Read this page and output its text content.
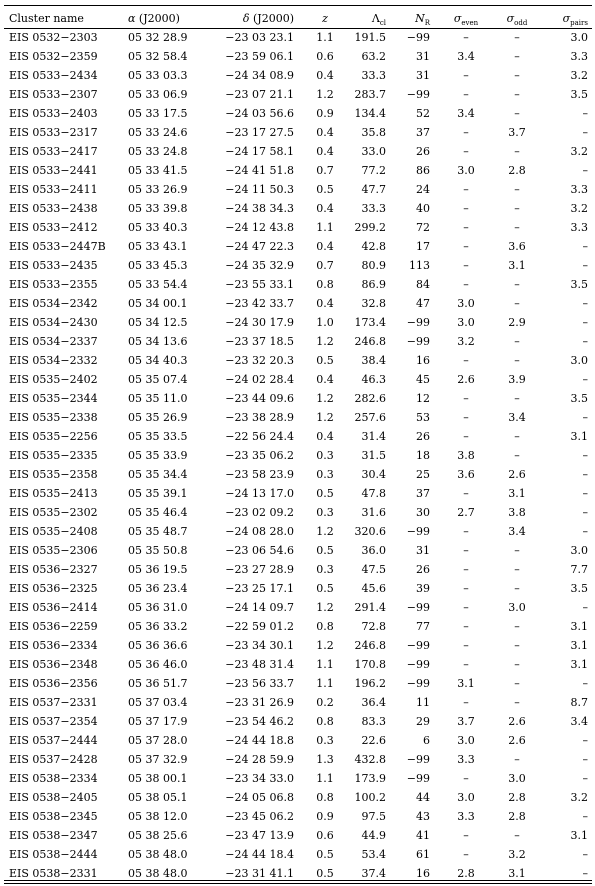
Cluster name	α (J2000)	δ (J2000)	z	$\Lambda_{cl}$	$N_R$	$\sigma_{even}$	$\sigma_{odd}$	$\sigma_{pairs}$
EIS 0532−2303	05 32 28.9	−23 03 23.1	1.1	191.5	−99	–	–	3.0
EIS 0532−2359	05 32 58.4	−23 59 06.1	0.6	63.2	31	3.4	–	3.3
EIS 0533−2434	05 33 03.3	−24 34 08.9	0.4	33.3	31	–	–	3.2
EIS 0533−2307	05 33 06.9	−23 07 21.1	1.2	283.7	−99	–	–	3.5
EIS 0533−2403	05 33 17.5	−24 03 56.6	0.9	134.4	52	3.4	–	–
EIS 0533−2317	05 33 24.6	−23 17 27.5	0.4	35.8	37	–	3.7	–
EIS 0533−2417	05 33 24.8	−24 17 58.1	0.4	33.0	26	–	–	3.2
EIS 0533−2441	05 33 41.5	−24 41 51.8	0.7	77.2	86	3.0	2.8	–
EIS 0533−2411	05 33 26.9	−24 11 50.3	0.5	47.7	24	–	–	3.3
EIS 0533−2438	05 33 39.8	−24 38 34.3	0.4	33.3	40	–	–	3.2
EIS 0533−2412	05 33 40.3	−24 12 43.8	1.1	299.2	72	–	–	3.3
EIS 0533−2447B	05 33 43.1	−24 47 22.3	0.4	42.8	17	–	3.6	–
EIS 0533−2435	05 33 45.3	−24 35 32.9	0.7	80.9	113	–	3.1	–
EIS 0533−2355	05 33 54.4	−23 55 33.1	0.8	86.9	84	–	–	3.5
EIS 0534−2342	05 34 00.1	−23 42 33.7	0.4	32.8	47	3.0	–	–
EIS 0534−2430	05 34 12.5	−24 30 17.9	1.0	173.4	−99	3.0	2.9	–
EIS 0534−2337	05 34 13.6	−23 37 18.5	1.2	246.8	−99	3.2	–	–
EIS 0534−2332	05 34 40.3	−23 32 20.3	0.5	38.4	16	–	–	3.0
EIS 0535−2402	05 35 07.4	−24 02 28.4	0.4	46.3	45	2.6	3.9	–
EIS 0535−2344	05 35 11.0	−23 44 09.6	1.2	282.6	12	–	–	3.5
EIS 0535−2338	05 35 26.9	−23 38 28.9	1.2	257.6	53	–	3.4	–
EIS 0535−2256	05 35 33.5	−22 56 24.4	0.4	31.4	26	–	–	3.1
EIS 0535−2335	05 35 33.9	−23 35 06.2	0.3	31.5	18	3.8	–	–
EIS 0535−2358	05 35 34.4	−23 58 23.9	0.3	30.4	25	3.6	2.6	–
EIS 0535−2413	05 35 39.1	−24 13 17.0	0.5	47.8	37	–	3.1	–
EIS 0535−2302	05 35 46.4	−23 02 09.2	0.3	31.6	30	2.7	3.8	–
EIS 0535−2408	05 35 48.7	−24 08 28.0	1.2	320.6	−99	–	3.4	–
EIS 0535−2306	05 35 50.8	−23 06 54.6	0.5	36.0	31	–	–	3.0
EIS 0536−2327	05 36 19.5	−23 27 28.9	0.3	47.5	26	–	–	7.7
EIS 0536−2325	05 36 23.4	−23 25 17.1	0.5	45.6	39	–	–	3.5
EIS 0536−2414	05 36 31.0	−24 14 09.7	1.2	291.4	−99	–	3.0	–
EIS 0536−2259	05 36 33.2	−22 59 01.2	0.8	72.8	77	–	–	3.1
EIS 0536−2334	05 36 36.6	−23 34 30.1	1.2	246.8	−99	–	–	3.1
EIS 0536−2348	05 36 46.0	−23 48 31.4	1.1	170.8	−99	–	–	3.1
EIS 0536−2356	05 36 51.7	−23 56 33.7	1.1	196.2	−99	3.1	–	–
EIS 0537−2331	05 37 03.4	−23 31 26.9	0.2	36.4	11	–	–	8.7
EIS 0537−2354	05 37 17.9	−23 54 46.2	0.8	83.3	29	3.7	2.6	3.4
EIS 0537−2444	05 37 28.0	−24 44 18.8	0.3	22.6	6	3.0	2.6	–
EIS 0537−2428	05 37 32.9	−24 28 59.9	1.3	432.8	−99	3.3	–	–
EIS 0538−2334	05 38 00.1	−23 34 33.0	1.1	173.9	−99	–	3.0	–
EIS 0538−2405	05 38 05.1	−24 05 06.8	0.8	100.2	44	3.0	2.8	3.2
EIS 0538−2345	05 38 12.0	−23 45 06.2	0.9	97.5	43	3.3	2.8	–
EIS 0538−2347	05 38 25.6	−23 47 13.9	0.6	44.9	41	–	–	3.1
EIS 0538−2444	05 38 48.0	−24 44 18.4	0.5	53.4	61	–	3.2	–
EIS 0538−2331	05 38 48.0	−23 31 41.1	0.5	37.4	16	2.8	3.1	–
